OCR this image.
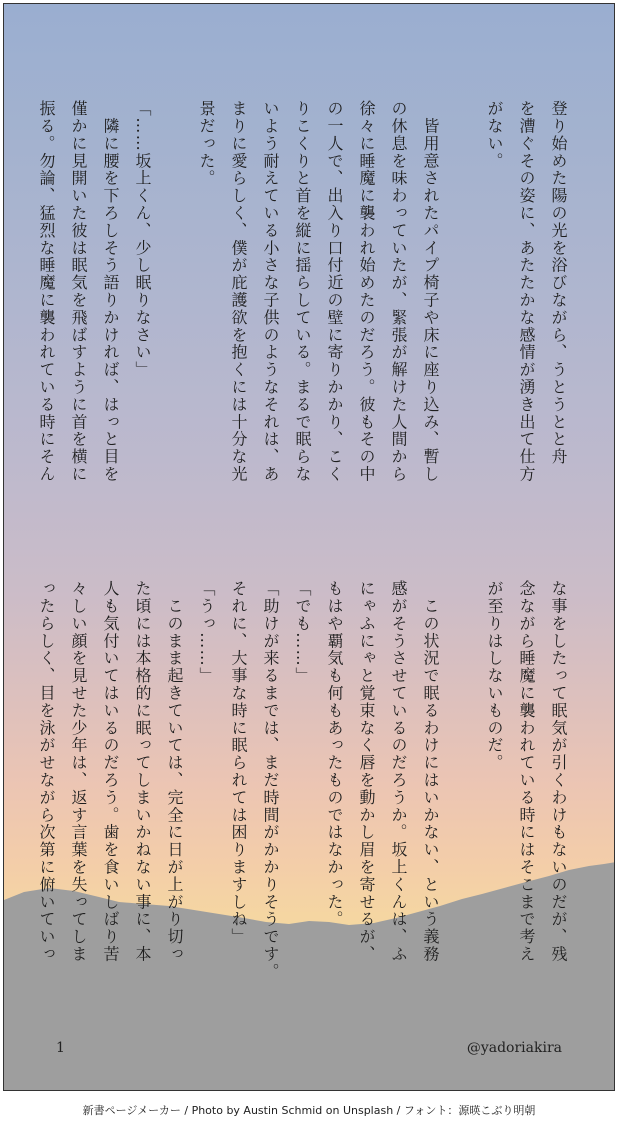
登り始めた陽の光を浴びながら、うとうとと舟

を漕ぐその姿に、あたたかな感情が湧き出て仕方

がない。

　皆用意されたパイプ椅子や床に座り込み、暫し

の休息を味わっていたが、緊張が解けた人間から

徐々に睡魔に襲われ始めたのだろう。彼もその中

の一人で、出入り口付近の壁に寄りかかり、こく

りこくりと首を縦に揺らしている。まるで眠らな

いよう耐えている小さな子供のようなそれは、あ

まりに愛らしく、僕が庇護欲を抱くには十分な光

景だった。

「……坂上くん、少し眠りなさい」

　隣に腰を下ろしそう語りかければ、はっと目を

僅かに見開いた彼は眠気を飛ばすように首を横に

振る。勿論、猛烈な睡魔に襲われている時にそん

な事をしたって眠気が引くわけもないのだが、残

念ながら睡魔に襲われている時にはそこまで考え

が至りはしないものだ。

　この状況で眠るわけにはいかない、という義務

感がそうさせているのだろうか。坂上くんは、ふ

にゃふにゃと覚束なく唇を動かし眉を寄せるが、

もはや覇気も何もあったものではなかった。

「でも……」

「助けが来るまでは、まだ時間がかかりそうです。

それに、大事な時に眠られては困りますしね」

「うっ……」

　このまま起きていては、完全に日が上がり切っ

た頃には本格的に眠ってしまいかねない事に、本

人も気付いてはいるのだろう。歯を食いしばり苦

々しい顔を見せた少年は、返す言葉を失ってしま

ったらしく、目を泳がせながら次第に俯いていっ

1	@yadoriakira
新書ページメーカー / Photo by Austin Schmid on Unsplash / フォント：源暎こぶり明朝
